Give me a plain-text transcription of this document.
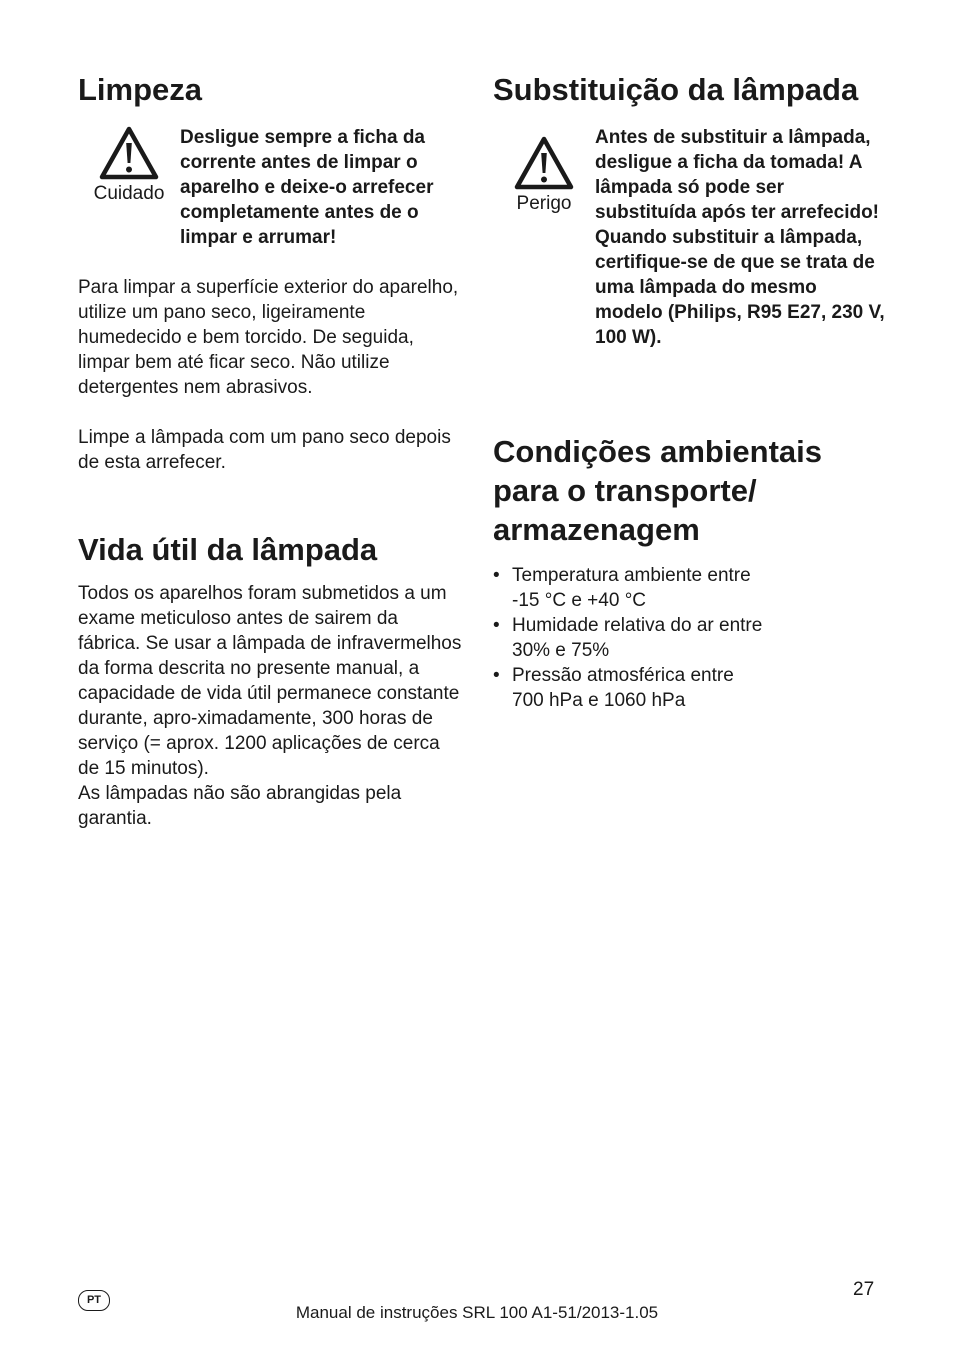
Limpeza
Cuidado
Desligue sempre a ficha da corrente antes de limpar o aparelho e deixe-o arrefecer completamente antes de o limpar e arrumar!

Para limpar a superfície exterior do aparelho, utilize um pano seco, ligeiramente humedecido e bem torcido. De seguida, limpar bem até ficar seco. Não utilize detergentes nem abrasivos.

Limpe a lâmpada com um pano seco depois de esta arrefecer.

Vida útil da lâmpada

Todos os aparelhos foram submetidos a um exame meticuloso antes de sairem da fábrica. Se usar a lâmpada de infravermelhos da forma descrita no presente manual, a capacidade de vida útil permanece constante durante, apro-ximadamente, 300 horas de serviço (= aprox. 1200 aplicações de cerca de 15 minutos).

As lâmpadas não são abrangidas pela garantia.

Substituição da lâmpada
Perigo
Antes de substituir a lâmpada, desligue a ficha da tomada! A lâmpada só pode ser substituída após ter arrefecido!
Quando substituir a lâmpada, certifique-se de que se trata de uma lâmpada do mesmo modelo (Philips, R95 E27, 230 V, 100 W).
Condições ambientais para o transporte/ armazenagem
• Temperatura ambiente entre
-15 °C e +40 °C
• Humidade relativa do ar entre
30% e 75%
• Pressão atmosférica entre
700 hPa e 1060 hPa
PT	27
Manual de instruções SRL 100 A1-51/2013-1.05
